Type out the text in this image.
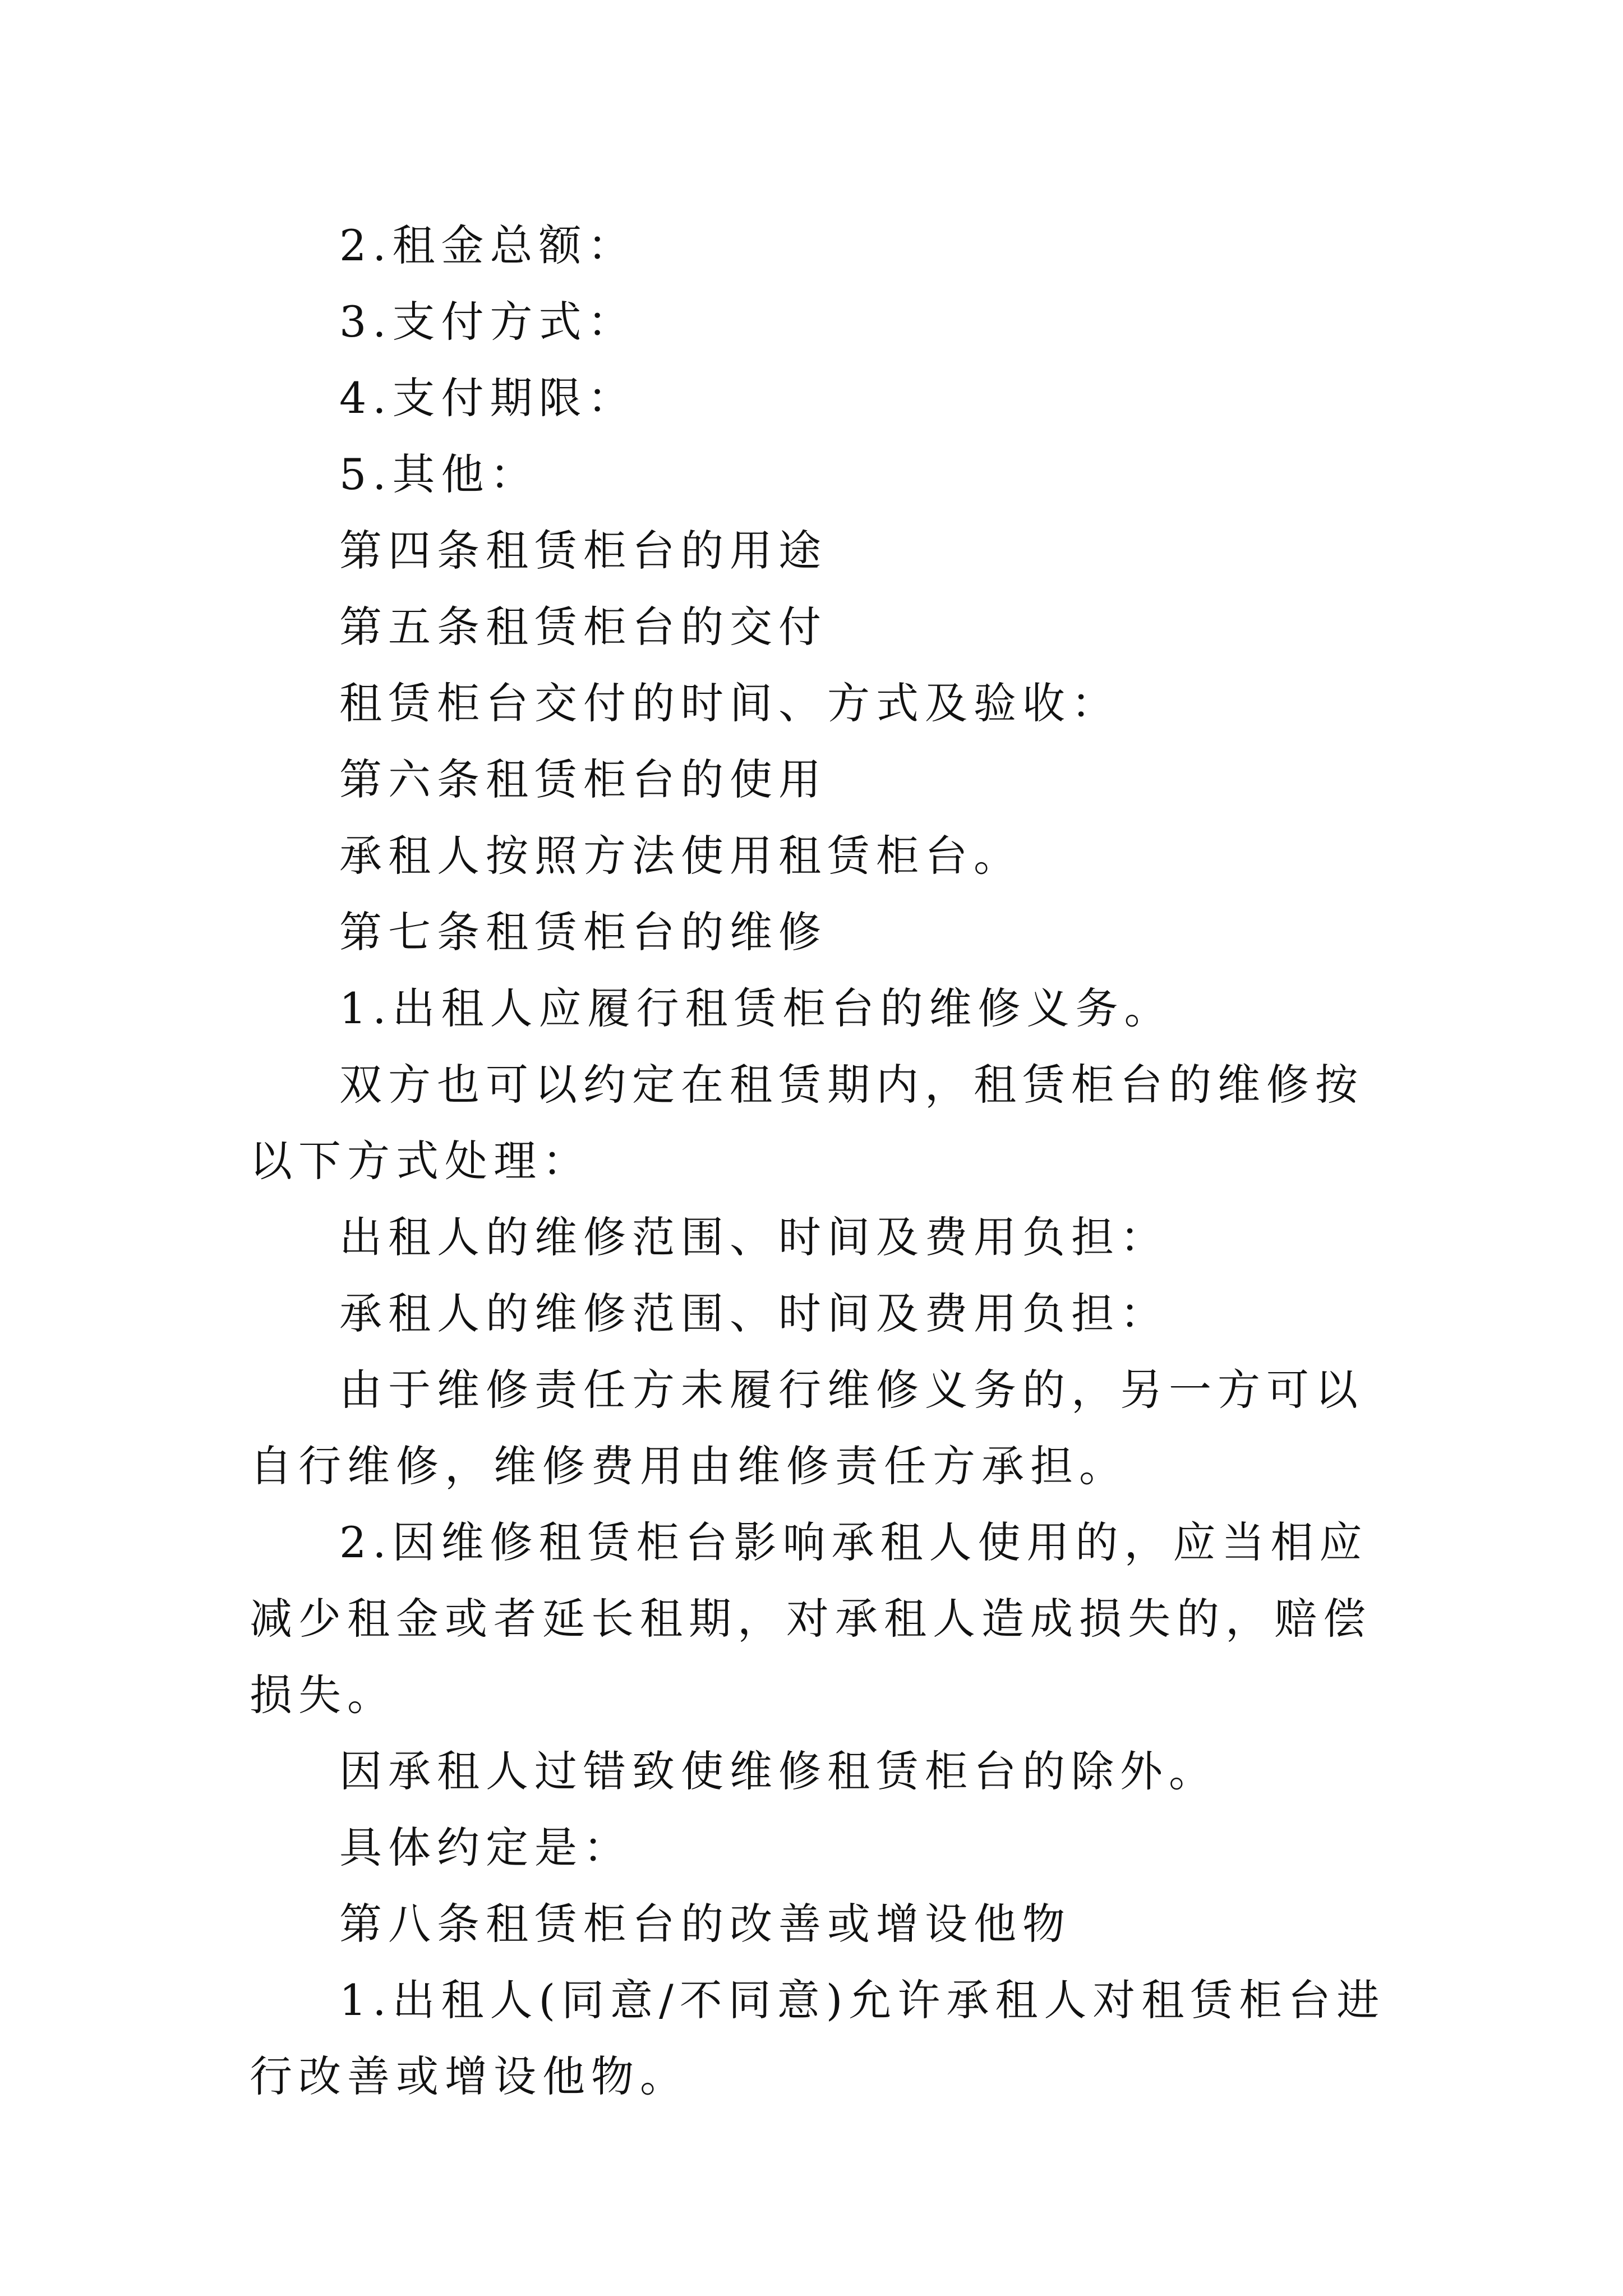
2.租金总额：

3.支付方式：

4.支付期限：

5.其他：

第四条租赁柜台的用途

第五条租赁柜台的交付

租赁柜台交付的时间、方式及验收：

第六条租赁柜台的使用

承租人按照方法使用租赁柜台。

第七条租赁柜台的维修

1.出租人应履行租赁柜台的维修义务。

双方也可以约定在租赁期内，租赁柜台的维修按以下方式处理：

出租人的维修范围、时间及费用负担：

承租人的维修范围、时间及费用负担：

由于维修责任方未履行维修义务的，另一方可以自行维修，维修费用由维修责任方承担。

2.因维修租赁柜台影响承租人使用的，应当相应减少租金或者延长租期，对承租人造成损失的，赔偿损失。

因承租人过错致使维修租赁柜台的除外。

具体约定是：

第八条租赁柜台的改善或增设他物

1.出租人(同意/不同意)允许承租人对租赁柜台进行改善或增设他物。
